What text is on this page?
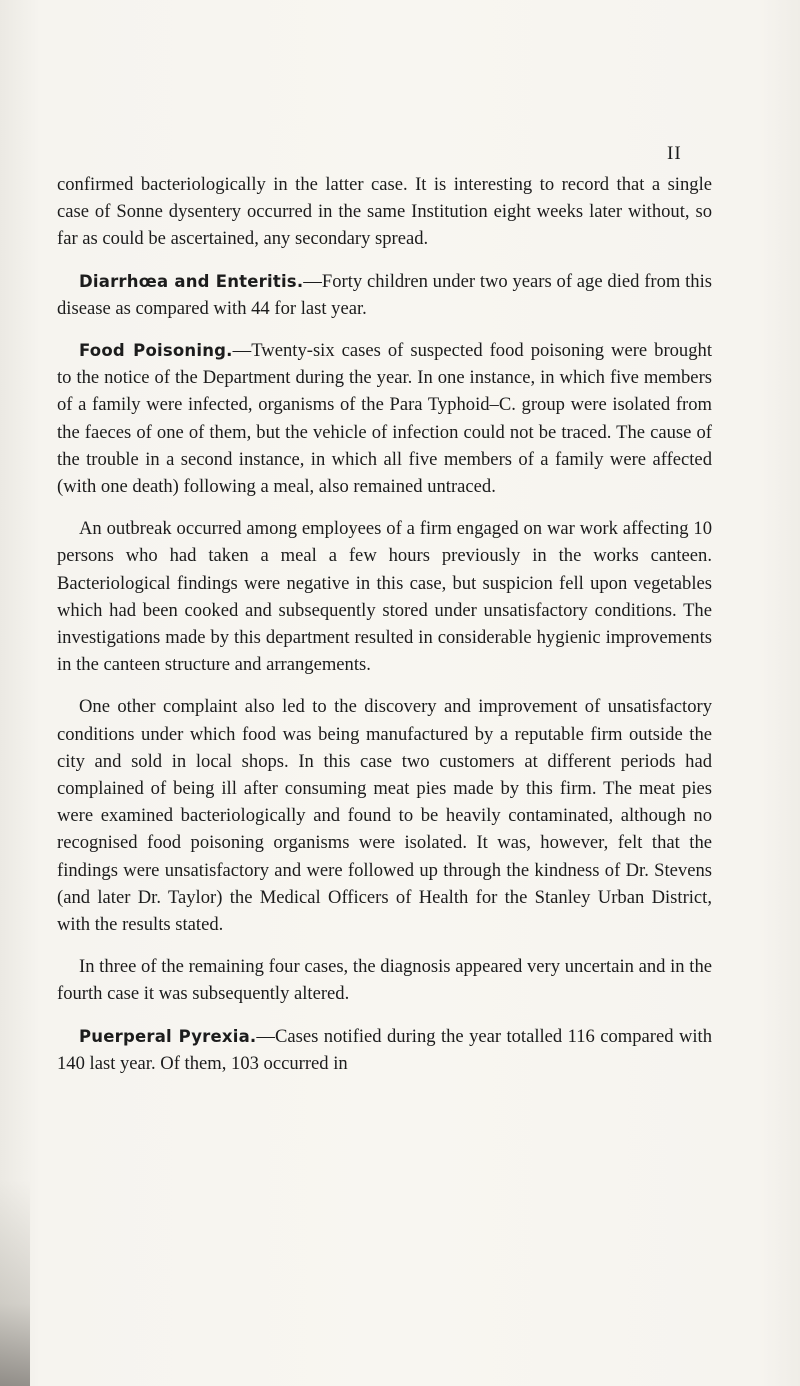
II

confirmed bacteriologically in the latter case. It is interesting to record that a single case of Sonne dysentery occurred in the same Institution eight weeks later without, so far as could be ascertained, any secondary spread.

Diarrhœa and Enteritis.—Forty children under two years of age died from this disease as compared with 44 for last year.

Food Poisoning.—Twenty-six cases of suspected food poisoning were brought to the notice of the Department during the year. In one instance, in which five members of a family were infected, organisms of the Para Typhoid–C. group were isolated from the faeces of one of them, but the vehicle of infection could not be traced. The cause of the trouble in a second instance, in which all five members of a family were affected (with one death) following a meal, also remained untraced.

An outbreak occurred among employees of a firm engaged on war work affecting 10 persons who had taken a meal a few hours previously in the works canteen. Bacteriological findings were negative in this case, but suspicion fell upon vegetables which had been cooked and subsequently stored under unsatisfactory conditions. The investigations made by this department resulted in considerable hygienic improvements in the canteen structure and arrangements.

One other complaint also led to the discovery and improvement of unsatisfactory conditions under which food was being manufactured by a reputable firm outside the city and sold in local shops. In this case two customers at different periods had complained of being ill after consuming meat pies made by this firm. The meat pies were examined bacteriologically and found to be heavily contaminated, although no recognised food poisoning organisms were isolated. It was, however, felt that the findings were unsatisfactory and were followed up through the kindness of Dr. Stevens (and later Dr. Taylor) the Medical Officers of Health for the Stanley Urban District, with the results stated.

In three of the remaining four cases, the diagnosis appeared very uncertain and in the fourth case it was subsequently altered.

Puerperal Pyrexia.—Cases notified during the year totalled 116 compared with 140 last year. Of them, 103 occurred in
